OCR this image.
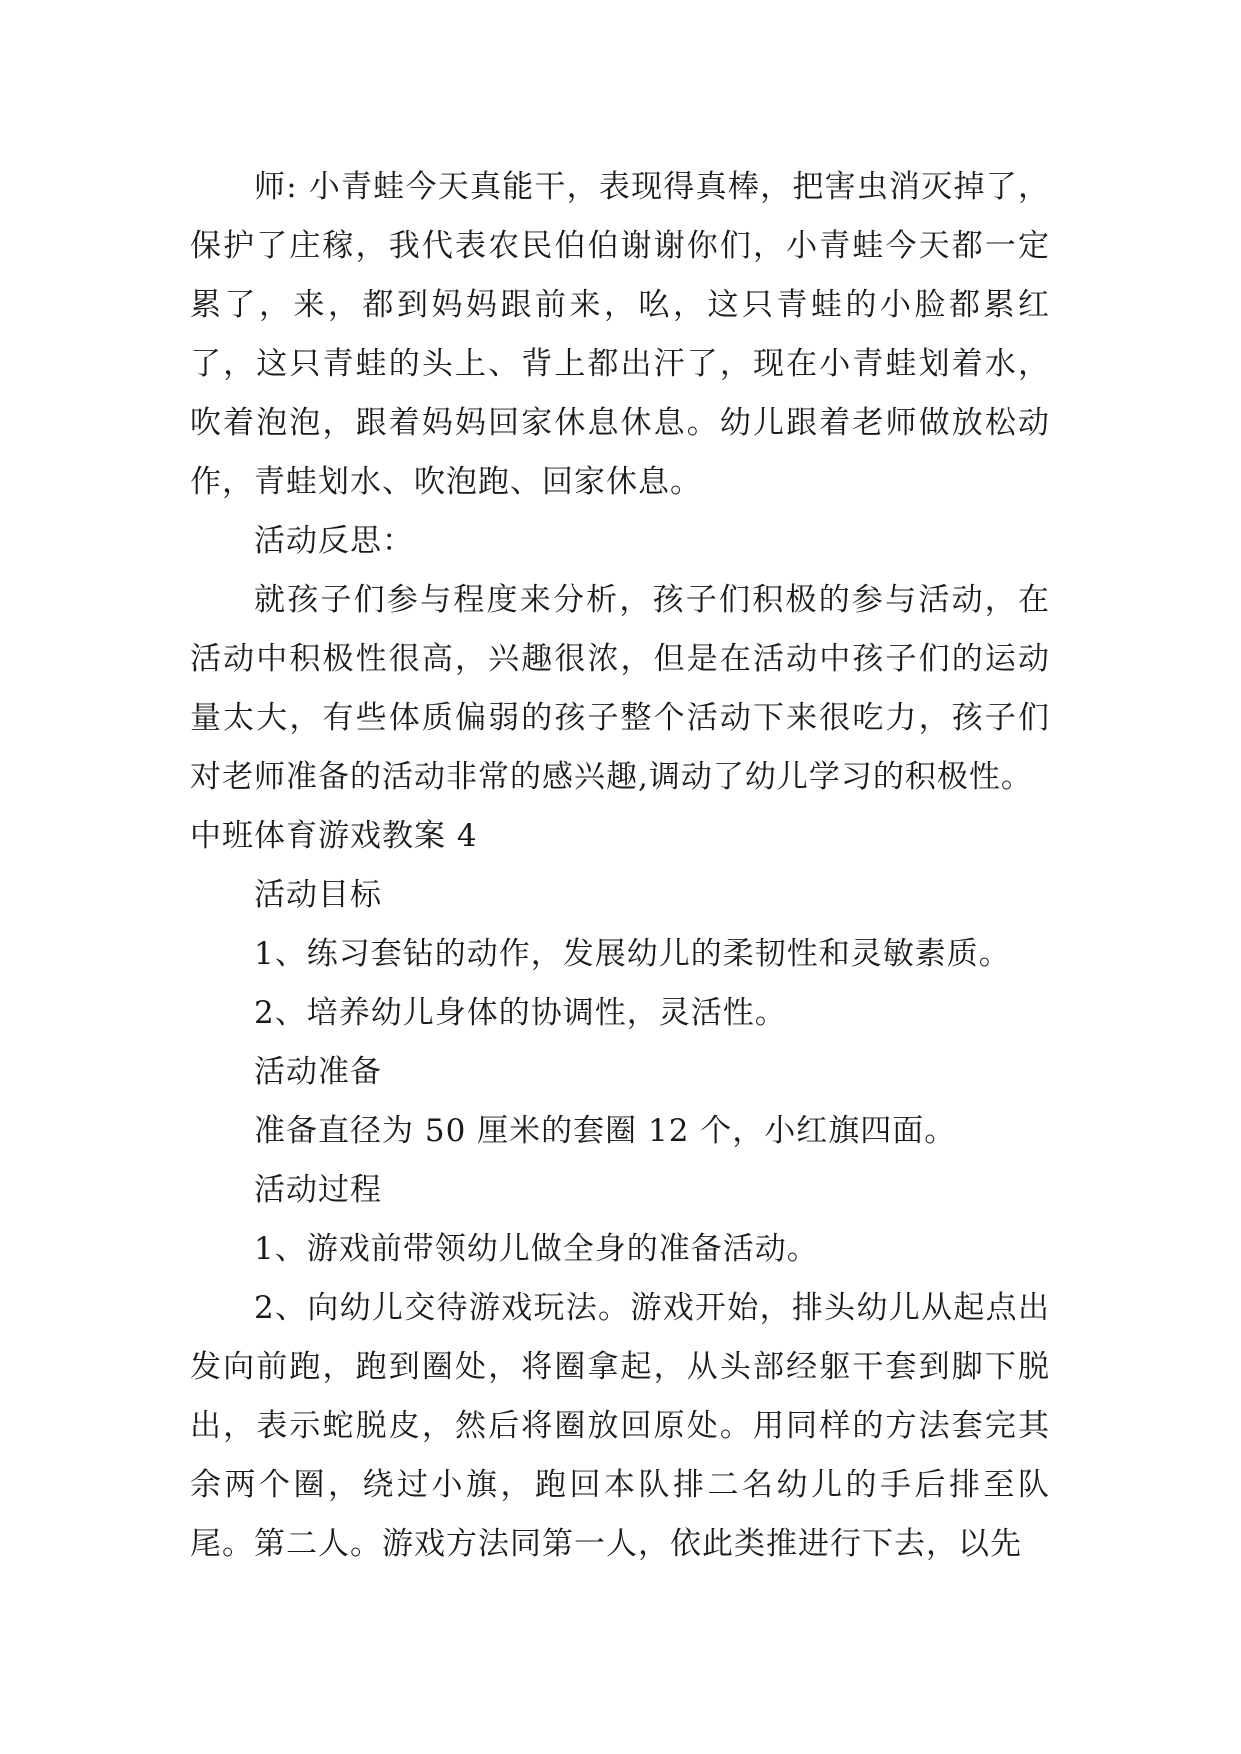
师: 小青蛙今天真能干，表现得真棒，把害虫消灭掉了，保护了庄稼，我代表农民伯伯谢谢你们，小青蛙今天都一定累了，来，都到妈妈跟前来，吆，这只青蛙的小脸都累红了，这只青蛙的头上、背上都出汗了，现在小青蛙划着水，吹着泡泡，跟着妈妈回家休息休息。幼儿跟着老师做放松动作，青蛙划水、吹泡跑、回家休息。

活动反思：

就孩子们参与程度来分析，孩子们积极的参与活动，在活动中积极性很高，兴趣很浓，但是在活动中孩子们的运动量太大，有些体质偏弱的孩子整个活动下来很吃力，孩子们对老师准备的活动非常的感兴趣,调动了幼儿学习的积极性。

中班体育游戏教案 4

活动目标

1、练习套钻的动作，发展幼儿的柔韧性和灵敏素质。

2、培养幼儿身体的协调性，灵活性。

活动准备

准备直径为 50 厘米的套圈 12 个，小红旗四面。

活动过程

1、游戏前带领幼儿做全身的准备活动。

2、向幼儿交待游戏玩法。游戏开始，排头幼儿从起点出发向前跑，跑到圈处，将圈拿起，从头部经躯干套到脚下脱出，表示蛇脱皮，然后将圈放回原处。用同样的方法套完其余两个圈，绕过小旗，跑回本队排二名幼儿的手后排至队尾。第二人。游戏方法同第一人，依此类推进行下去，以先
